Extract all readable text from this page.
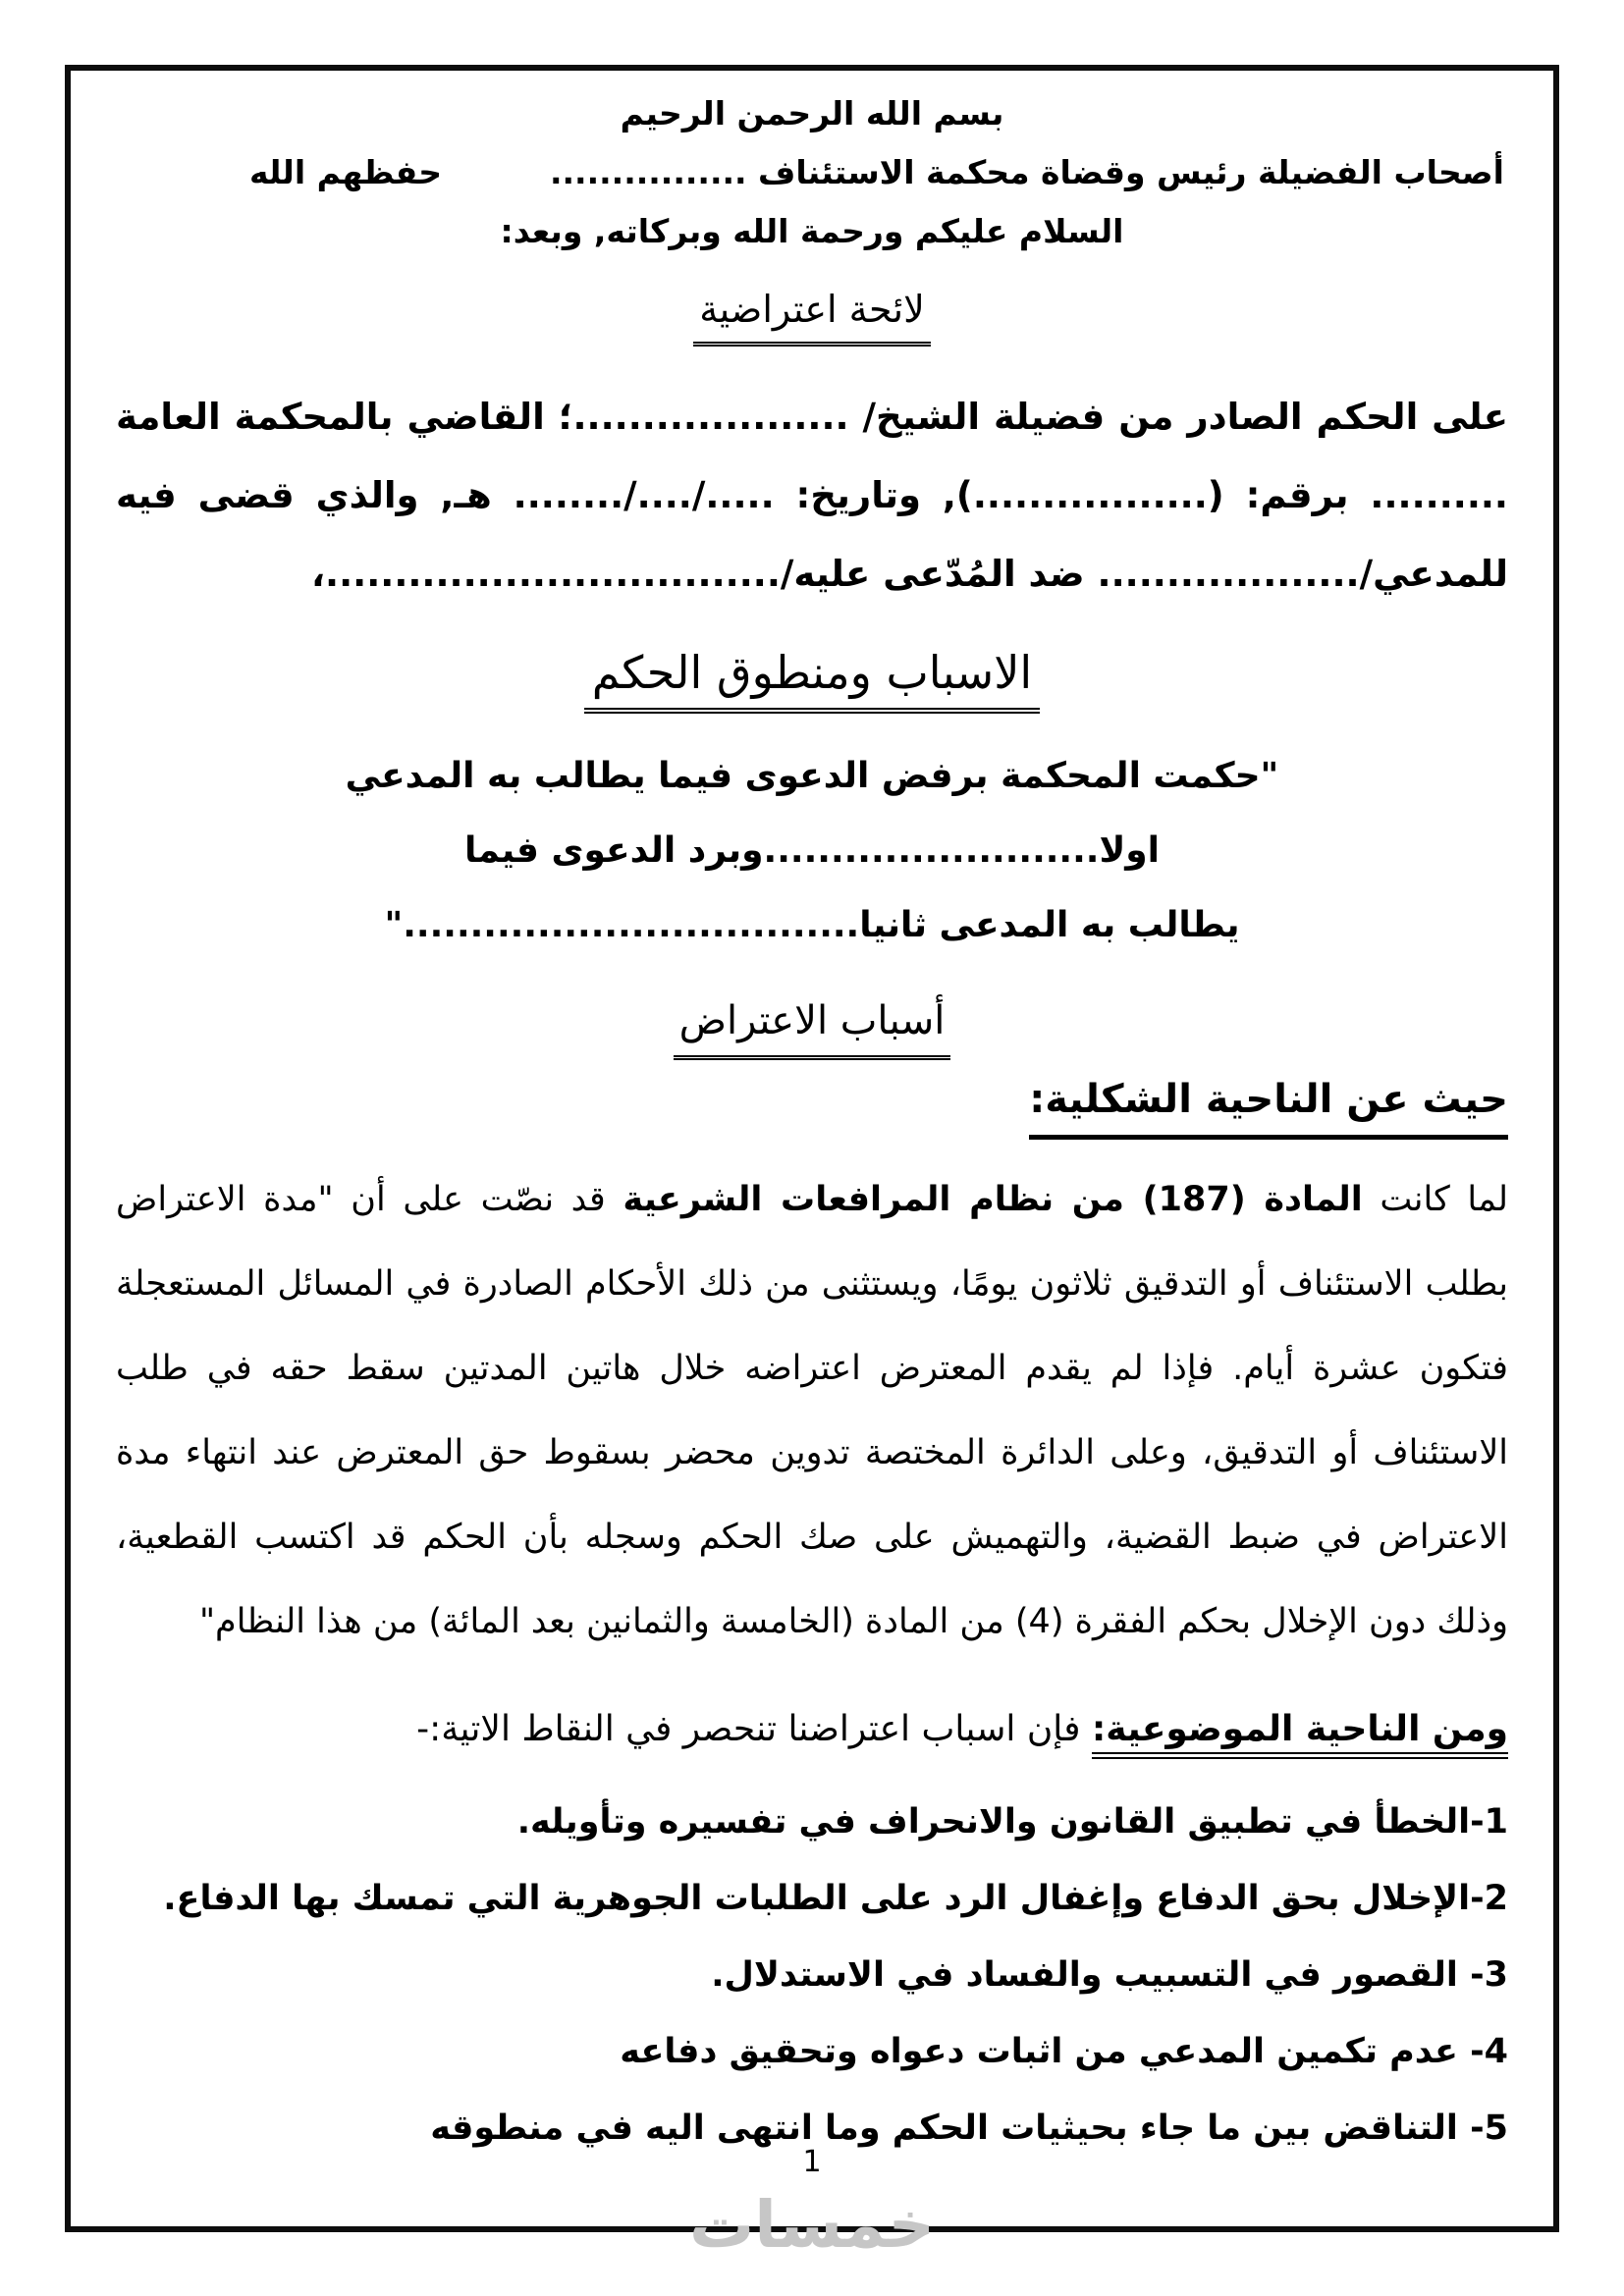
بسم الله الرحمن الرحيم
أصحاب الفضيلة رئيس وقضاة محكمة الاستئناف ................حفظهم الله
السلام عليكم ورحمة الله وبركاته, وبعد:
لائحة اعتراضية
على الحكم الصادر من فضيلة الشيخ/ ....................؛ القاضي بالمحكمة العامة .......... برقم: (.................), وتاريخ: ...../..../........ هـ, والذي قضى فيه للمدعي/................... ضد المُدّعى عليه/.................................،
الاسباب ومنطوق الحكم
"حكمت المحكمة برفض الدعوى فيما يطالب به المدعي اولا.........................وبرد الدعوى فيما
يطالب به المدعى ثانيا.................................."
أسباب الاعتراض
حيث عن الناحية الشكلية:
لما كانت المادة (187) من نظام المرافعات الشرعية قد نصّت على أن "مدة الاعتراض بطلب الاستئناف أو التدقيق ثلاثون يومًا، ويستثنى من ذلك الأحكام الصادرة في المسائل المستعجلة فتكون عشرة أيام. فإذا لم يقدم المعترض اعتراضه خلال هاتين المدتين سقط حقه في طلب الاستئناف أو التدقيق، وعلى الدائرة المختصة تدوين محضر بسقوط حق المعترض عند انتهاء مدة الاعتراض في ضبط القضية، والتهميش على صك الحكم وسجله بأن الحكم قد اكتسب القطعية، وذلك دون الإخلال بحكم الفقرة (4) من المادة (الخامسة والثمانين بعد المائة) من هذا النظام"
ومن الناحية الموضوعية: فإن اسباب اعتراضنا تنحصر في النقاط الاتية:-
1-الخطأ في تطبيق القانون والانحراف في تفسيره وتأويله.
2-الإخلال بحق الدفاع وإغفال الرد على الطلبات الجوهرية التي تمسك بها الدفاع.
3- القصور في التسبيب والفساد في الاستدلال.
4- عدم تكمين المدعي من اثبات دعواه وتحقيق دفاعه
5- التناقض بين ما جاء بحيثيات الحكم وما انتهى اليه في منطوقه
1
خمسات
